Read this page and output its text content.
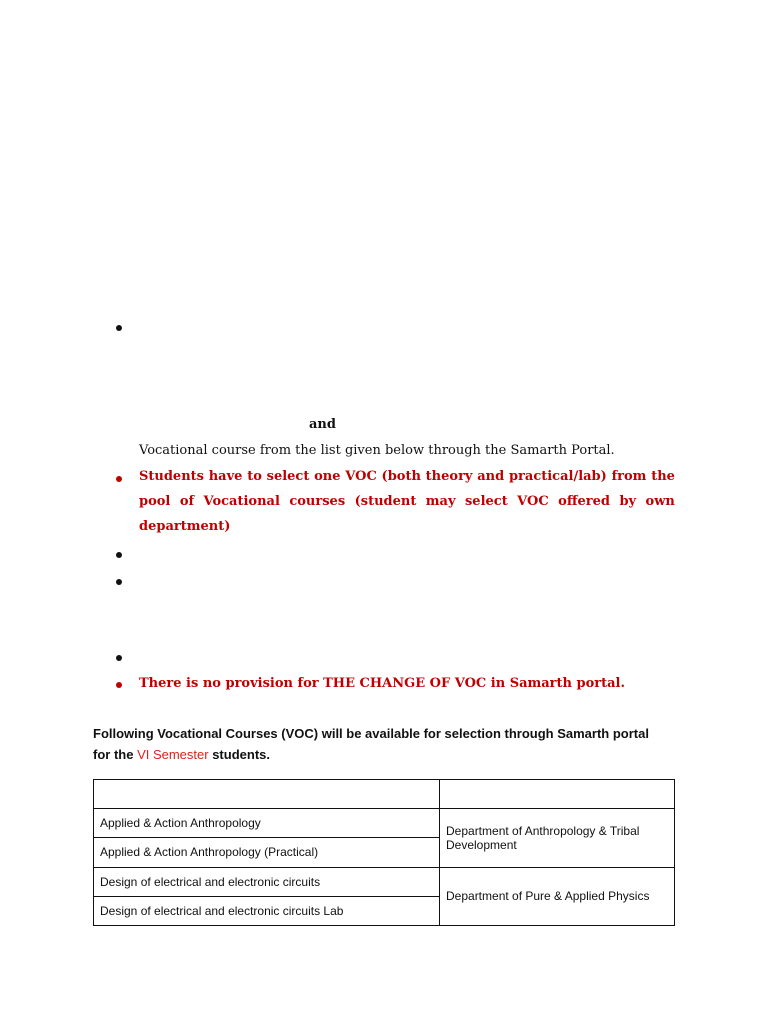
and
Vocational course from the list given below through the Samarth Portal.
Students have to select one VOC (both theory and practical/lab) from the
pool of Vocational courses (student may select VOC offered by own
department)
There is no provision for THE CHANGE OF VOC in Samarth portal.
Following Vocational Courses (VOC) will be available for selection through Samarth portal
for the VI Semester students.

Applied & Action Anthropology	Department of Anthropology & Tribal Development
Applied & Action Anthropology (Practical)	
Design of electrical and electronic circuits	Department of Pure & Applied Physics
Design of electrical and electronic circuits Lab	
